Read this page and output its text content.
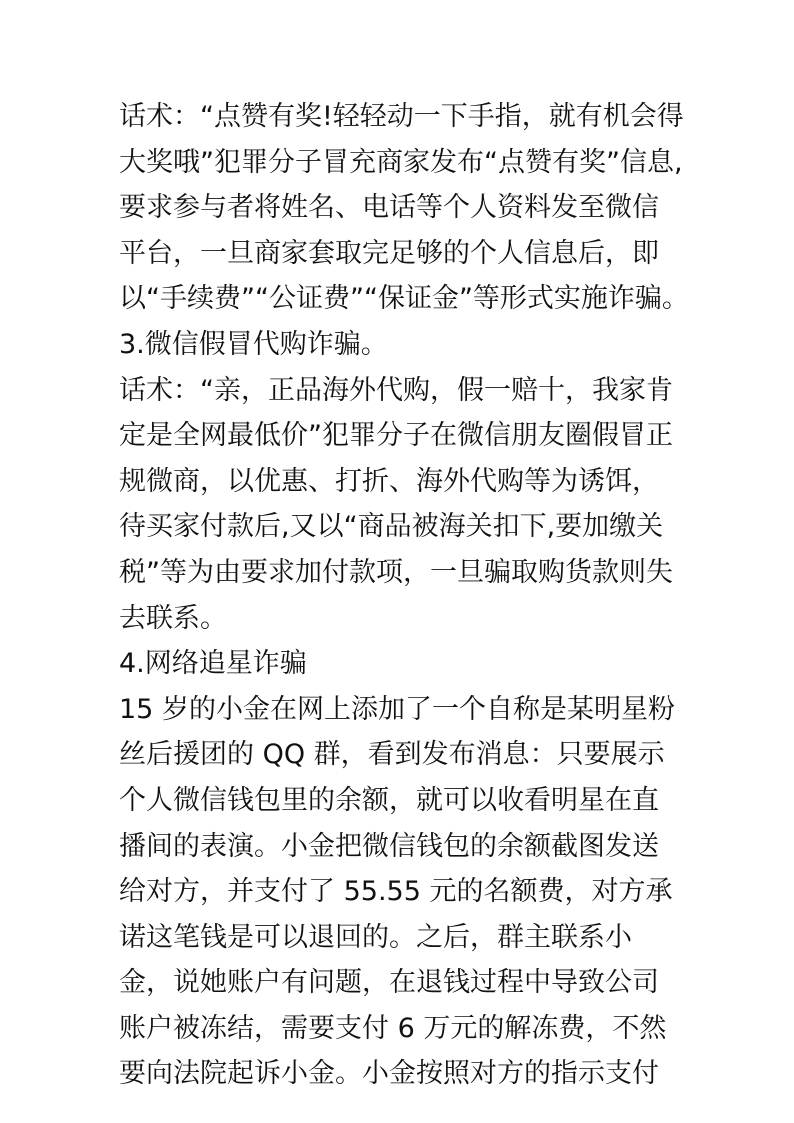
话术：“点赞有奖!轻轻动一下手指，就有机会得
大奖哦”犯罪分子冒充商家发布“点赞有奖”信息,
要求参与者将姓名、电话等个人资料发至微信
平台，一旦商家套取完足够的个人信息后，即
以“手续费”“公证费”“保证金”等形式实施诈骗。
3.微信假冒代购诈骗。
话术：“亲，正品海外代购，假一赔十，我家肯
定是全网最低价”犯罪分子在微信朋友圈假冒正
规微商，以优惠、打折、海外代购等为诱饵，
待买家付款后,又以“商品被海关扣下,要加缴关
税”等为由要求加付款项，一旦骗取购货款则失
去联系。
4.网络追星诈骗
15 岁的小金在网上添加了一个自称是某明星粉
丝后援团的 QQ 群，看到发布消息：只要展示
个人微信钱包里的余额，就可以收看明星在直
播间的表演。小金把微信钱包的余额截图发送
给对方，并支付了 55.55 元的名额费，对方承
诺这笔钱是可以退回的。之后，群主联系小
金，说她账户有问题，在退钱过程中导致公司
账户被冻结，需要支付 6 万元的解冻费，不然
要向法院起诉小金。小金按照对方的指示支付
